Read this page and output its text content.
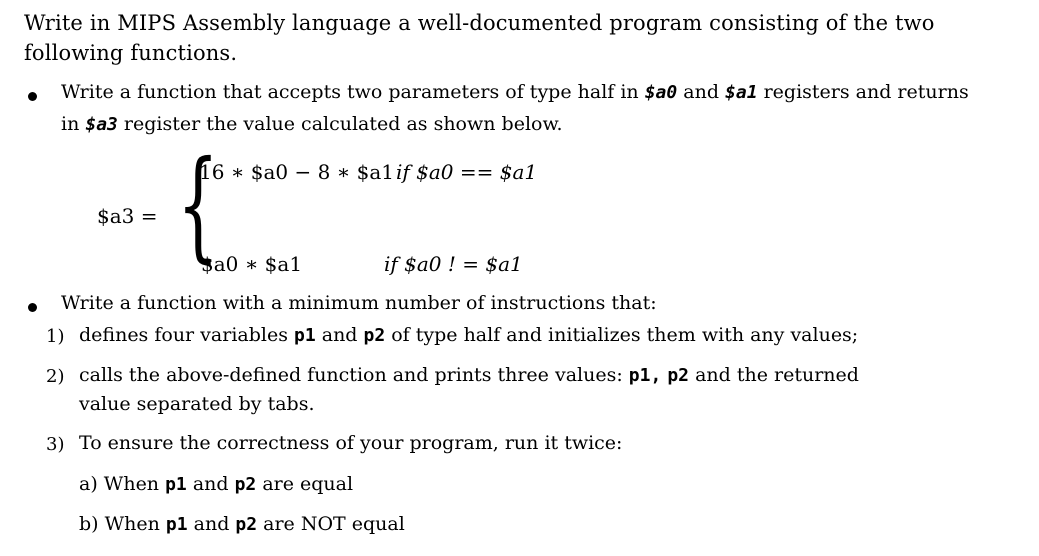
Write in MIPS Assembly language a well-documented program consisting of the two
following functions.
Write a function that accepts two parameters of type half in $a0 and $a1 registers and returns
in $a3 register the value calculated as shown below.
$a3 = {
16 ∗ $a0 − 8 ∗ $a1 if $a0 == $a1
$a0 ∗ $a1	if $a0 ! = $a1
Write a function with a minimum number of instructions that:
1) defines four variables p1 and p2 of type half and initializes them with any values;
2) calls the above-defined function and prints three values: p1, p2 and the returned
value separated by tabs.
3) To ensure the correctness of your program, run it twice:
a) When p1 and p2 are equal
b) When p1 and p2 are NOT equal
